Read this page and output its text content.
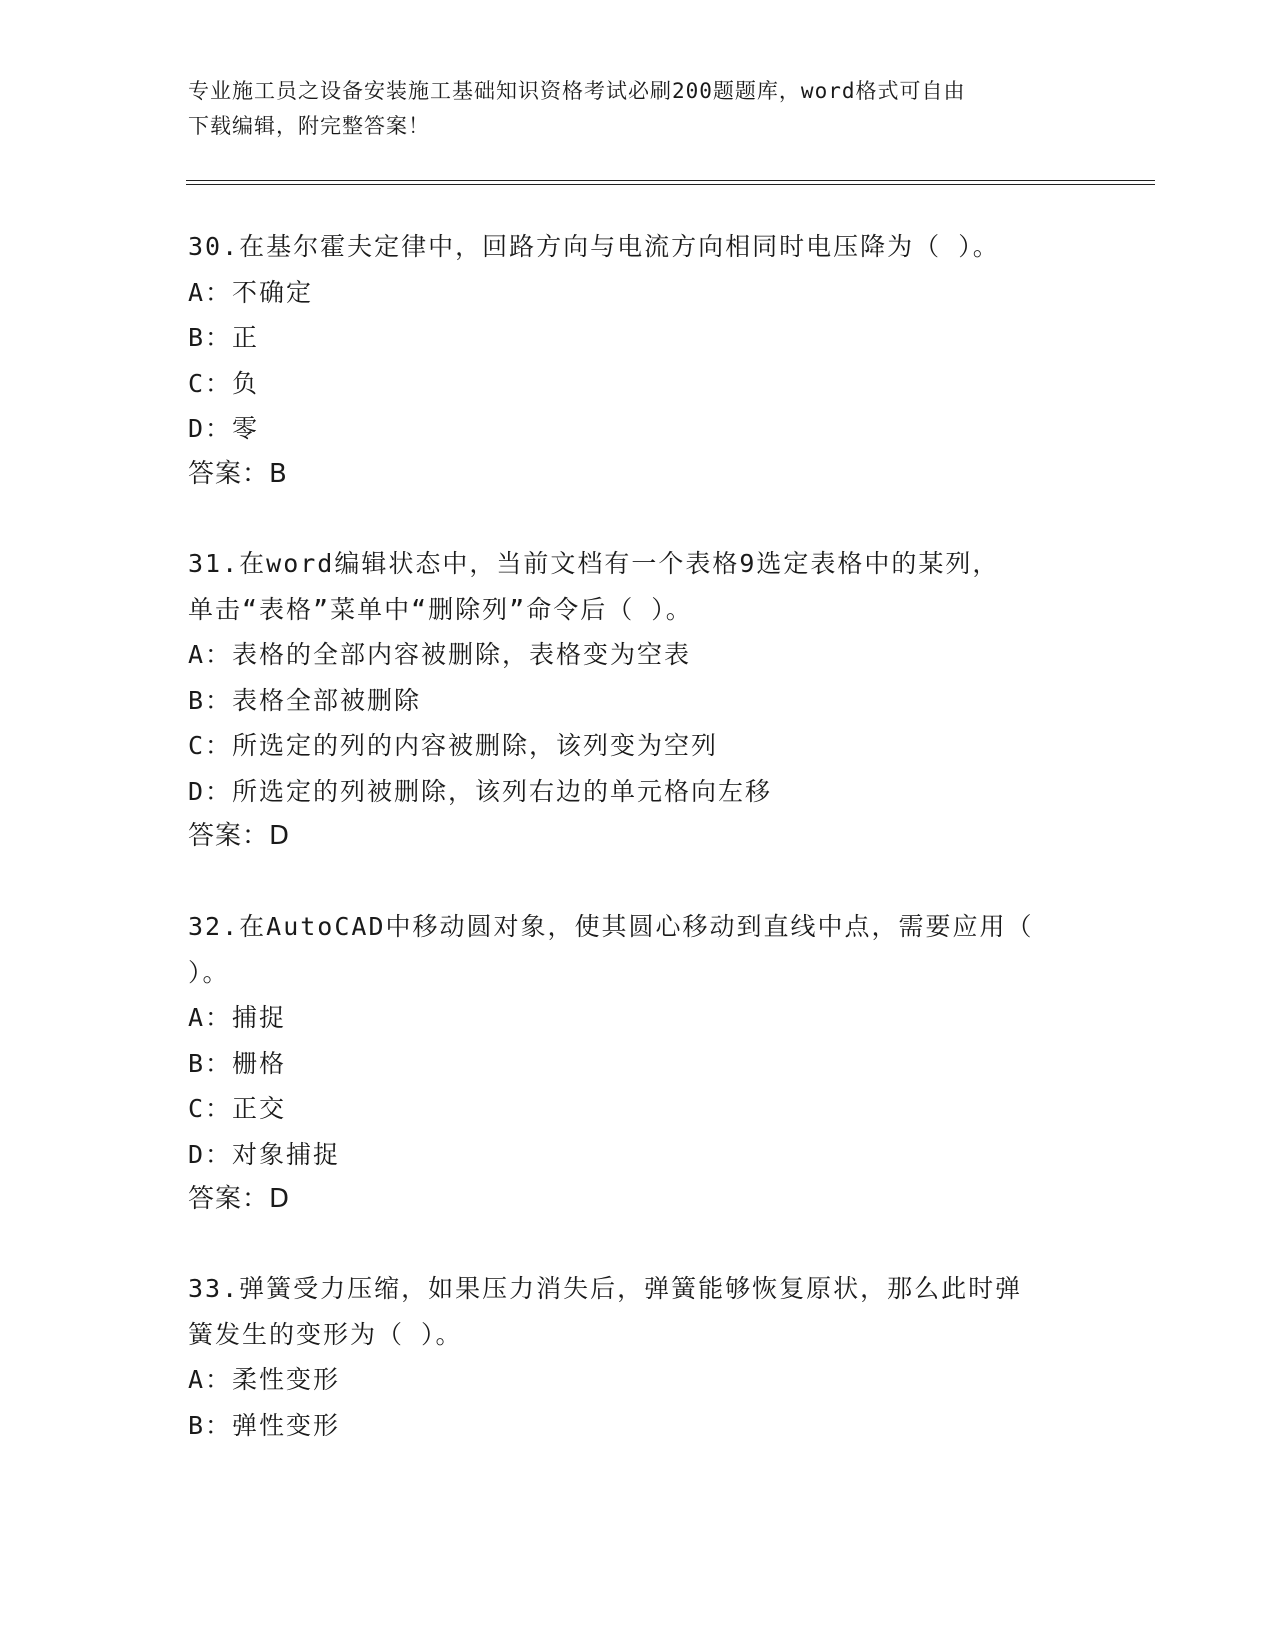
专业施工员之设备安装施工基础知识资格考试必刷200题题库，word格式可自由
下载编辑，附完整答案！
30.在基尔霍夫定律中，回路方向与电流方向相同时电压降为（ ）。
A：不确定
B：正
C：负
D：零
答案：B
31.在word编辑状态中，当前文档有一个表格9选定表格中的某列，
单击“表格”菜单中“删除列”命令后（ ）。
A：表格的全部内容被删除，表格变为空表
B：表格全部被删除
C：所选定的列的内容被删除，该列变为空列
D：所选定的列被删除，该列右边的单元格向左移
答案：D
32.在AutoCAD中移动圆对象，使其圆心移动到直线中点，需要应用（
）。
A：捕捉
B：栅格
C：正交
D：对象捕捉
答案：D
33.弹簧受力压缩，如果压力消失后，弹簧能够恢复原状，那么此时弹
簧发生的变形为（ ）。
A：柔性变形
B：弹性变形
